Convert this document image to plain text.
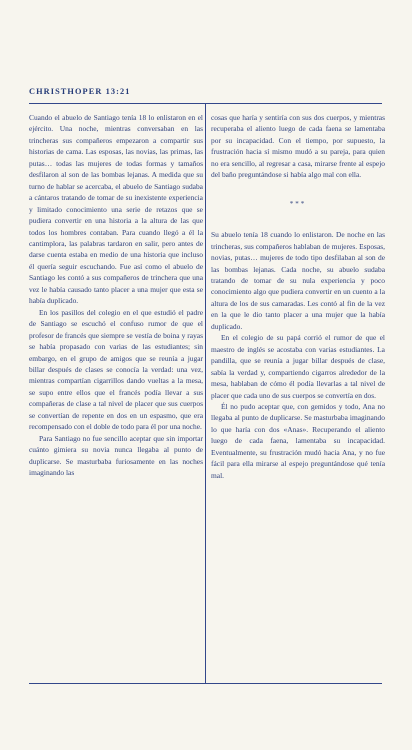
CHRISTHOPER 13:21

Cuando el abuelo de Santiago tenía 18 lo enlistaron en el ejército. Una noche, mientras conversaban en las trincheras sus compañeros empezaron a compartir sus historias de cama. Las esposas, las novias, las primas, las putas… todas las mujeres de todas formas y tamaños desfilaron al son de las bombas lejanas. A medida que su turno de hablar se acercaba, el abuelo de Santiago sudaba a cántaros tratando de tomar de su inexistente experiencia y limitado conocimiento una serie de retazos que se pudiera convertir en una historia a la altura de las que todos los hombres contaban. Para cuando llegó a él la cantimplora, las palabras tardaron en salir, pero antes de darse cuenta estaba en medio de una historia que incluso él quería seguir escuchando. Fue así como el abuelo de Santiago les contó a sus compañeros de trinchera que una vez le había causado tanto placer a una mujer que esta se había duplicado.

En los pasillos del colegio en el que estudió el padre de Santiago se escuchó el confuso rumor de que el profesor de francés que siempre se vestía de boina y rayas se había propasado con varias de las estudiantes; sin embargo, en el grupo de amigos que se reunía a jugar billar después de clases se conocía la verdad: una vez, mientras compartían cigarrillos dando vueltas a la mesa, se supo entre ellos que el francés podía llevar a sus compañeras de clase a tal nivel de placer que sus cuerpos se convertían de repente en dos en un espasmo, que era recompensado con el doble de todo para él por una noche.

Para Santiago no fue sencillo aceptar que sin importar cuánto gimiera su novia nunca llegaba al punto de duplicarse. Se masturbaba furiosamente en las noches imaginando las

cosas que haría y sentiría con sus dos cuerpos, y mientras recuperaba el aliento luego de cada faena se lamentaba por su incapacidad. Con el tiempo, por supuesto, la frustración hacia sí mismo mudó a su pareja, para quien no era sencillo, al regresar a casa, mirarse frente al espejo del baño preguntándose si había algo mal con ella.

***

Su abuelo tenía 18 cuando lo enlistaron. De noche en las trincheras, sus compañeros hablaban de mujeres. Esposas, novias, putas… mujeres de todo tipo desfilaban al son de las bombas lejanas. Cada noche, su abuelo sudaba tratando de tomar de su nula experiencia y poco conocimiento algo que pudiera convertir en un cuento a la altura de los de sus camaradas. Les contó al fin de la vez en la que le dio tanto placer a una mujer que la había duplicado.

En el colegio de su papá corrió el rumor de que el maestro de inglés se acostaba con varias estudiantes. La pandilla, que se reunía a jugar billar después de clase, sabía la verdad y, compartiendo cigarros alrededor de la mesa, hablaban de cómo él podía llevarlas a tal nivel de placer que cada uno de sus cuerpos se convertía en dos.

Él no pudo aceptar que, con gemidos y todo, Ana no llegaba al punto de duplicarse. Se masturbaba imaginando lo que haría con dos «Anas». Recuperando el aliento luego de cada faena, lamentaba su incapacidad. Eventualmente, su frustración mudó hacia Ana, y no fue fácil para ella mirarse al espejo preguntándose qué tenía mal.
